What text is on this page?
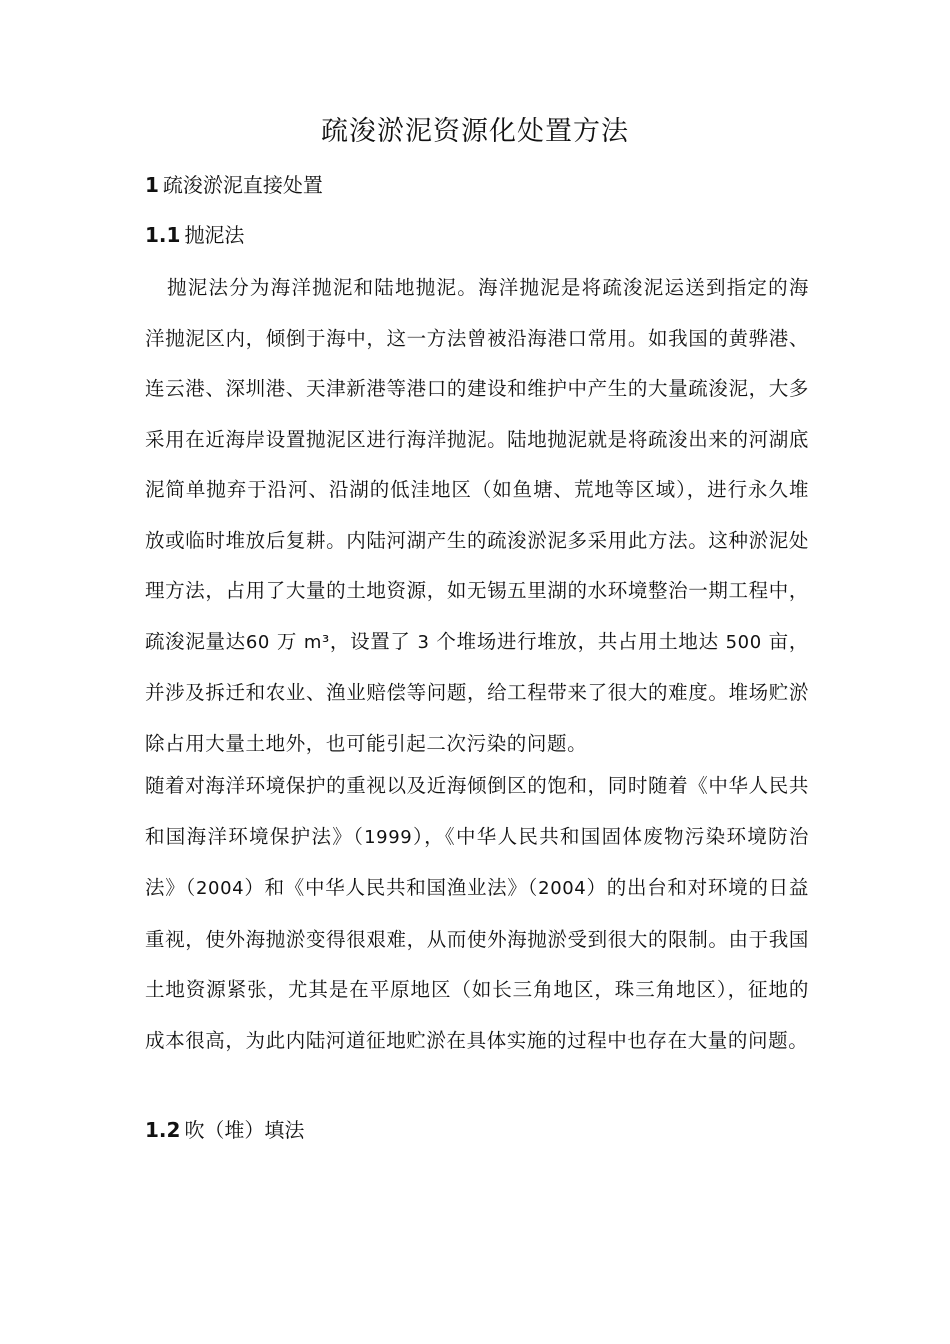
疏浚淤泥资源化处置方法
1 疏浚淤泥直接处置
1.1 抛泥法

抛泥法分为海洋抛泥和陆地抛泥。海洋抛泥是将疏浚泥运送到指定的海洋抛泥区内，倾倒于海中，这一方法曾被沿海港口常用。如我国的黄骅港、连云港、深圳港、天津新港等港口的建设和维护中产生的大量疏浚泥，大多采用在近海岸设置抛泥区进行海洋抛泥。陆地抛泥就是将疏浚出来的河湖底泥简单抛弃于沿河、沿湖的低洼地区（如鱼塘、荒地等区域），进行永久堆放或临时堆放后复耕。内陆河湖产生的疏浚淤泥多采用此方法。这种淤泥处理方法，占用了大量的土地资源，如无锡五里湖的水环境整治一期工程中，疏浚泥量达60 万 m³，设置了 3 个堆场进行堆放，共占用土地达 500 亩，并涉及拆迁和农业、渔业赔偿等问题，给工程带来了很大的难度。堆场贮淤除占用大量土地外，也可能引起二次污染的问题。

随着对海洋环境保护的重视以及近海倾倒区的饱和，同时随着《中华人民共和国海洋环境保护法》（1999），《中华人民共和国固体废物污染环境防治法》（2004）和《中华人民共和国渔业法》（2004）的出台和对环境的日益重视，使外海抛淤变得很艰难，从而使外海抛淤受到很大的限制。由于我国土地资源紧张，尤其是在平原地区（如长三角地区，珠三角地区），征地的成本很高，为此内陆河道征地贮淤在具体实施的过程中也存在大量的问题。

1.2 吹（堆）填法
